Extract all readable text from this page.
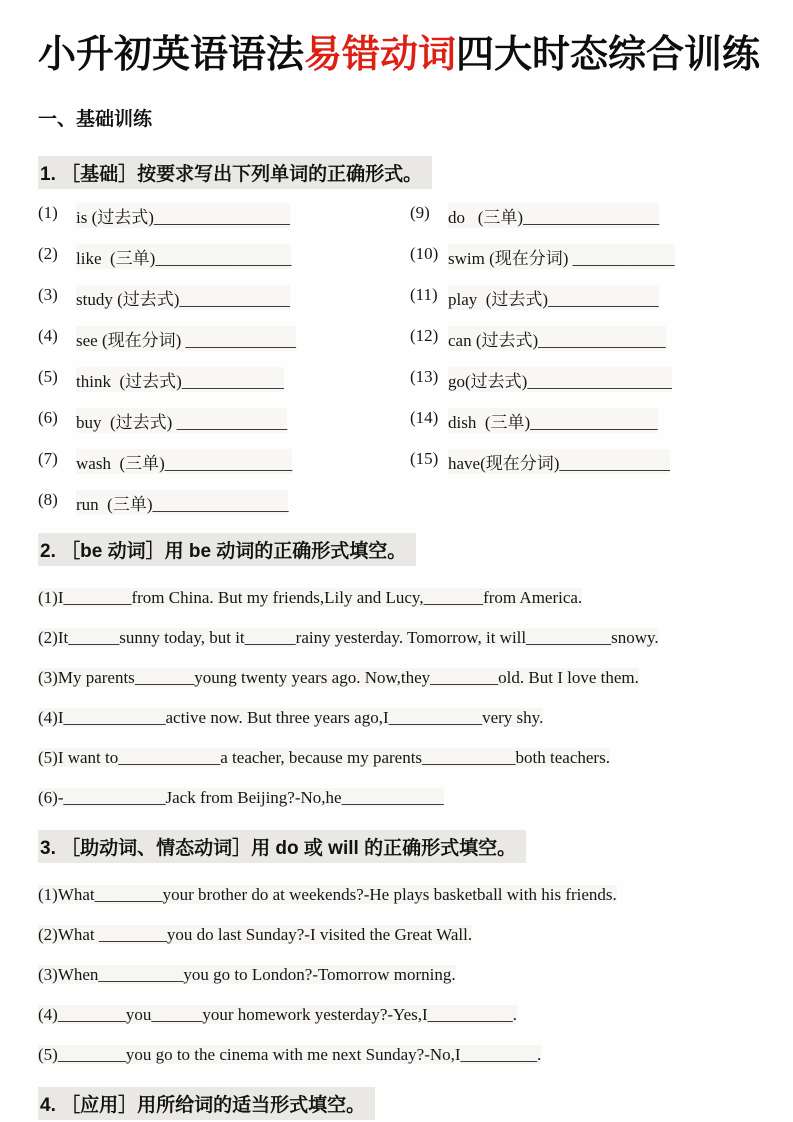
小升初英语语法易错动词四大时态综合训练
一、基础训练
1. ［基础］按要求写出下列单词的正确形式。
(1)	is (过去式)________________
(2)	like  (三单)________________
(3)	study (过去式)_____________
(4)	see (现在分词) _____________
(5)	think  (过去式)____________
(6)	buy  (过去式) _____________
(7)	wash  (三单)_______________
(8)	run  (三单)________________
(9)	do   (三单)________________
(10) swim (现在分词) ____________
(11) play  (过去式)_____________
(12) can (过去式)_______________
(13) go(过去式)_________________
(14) dish  (三单)_______________
(15) have(现在分词)_____________
2. ［be 动词］用 be 动词的正确形式填空。
(1)I________from China. But my friends,Lily and Lucy,_______from America.
(2)It______sunny today, but it______rainy yesterday. Tomorrow, it will__________snowy.
(3)My parents_______young twenty years ago. Now,they________old. But I love them.
(4)I____________active now. But three years ago,I___________very shy.
(5)I want to____________a teacher, because my parents___________both teachers.
(6)-____________Jack from Beijing?-No,he____________
3. ［助动词、情态动词］用 do 或 will 的正确形式填空。
(1)What________your brother do at weekends?-He plays basketball with his friends.
(2)What ________you do last Sunday?-I visited the Great Wall.
(3)When__________you go to London?-Tomorrow morning.
(4)________you______your homework yesterday?-Yes,I__________.
(5)________you go to the cinema with me next Sunday?-No,I_________.
4. ［应用］用所给词的适当形式填空。
